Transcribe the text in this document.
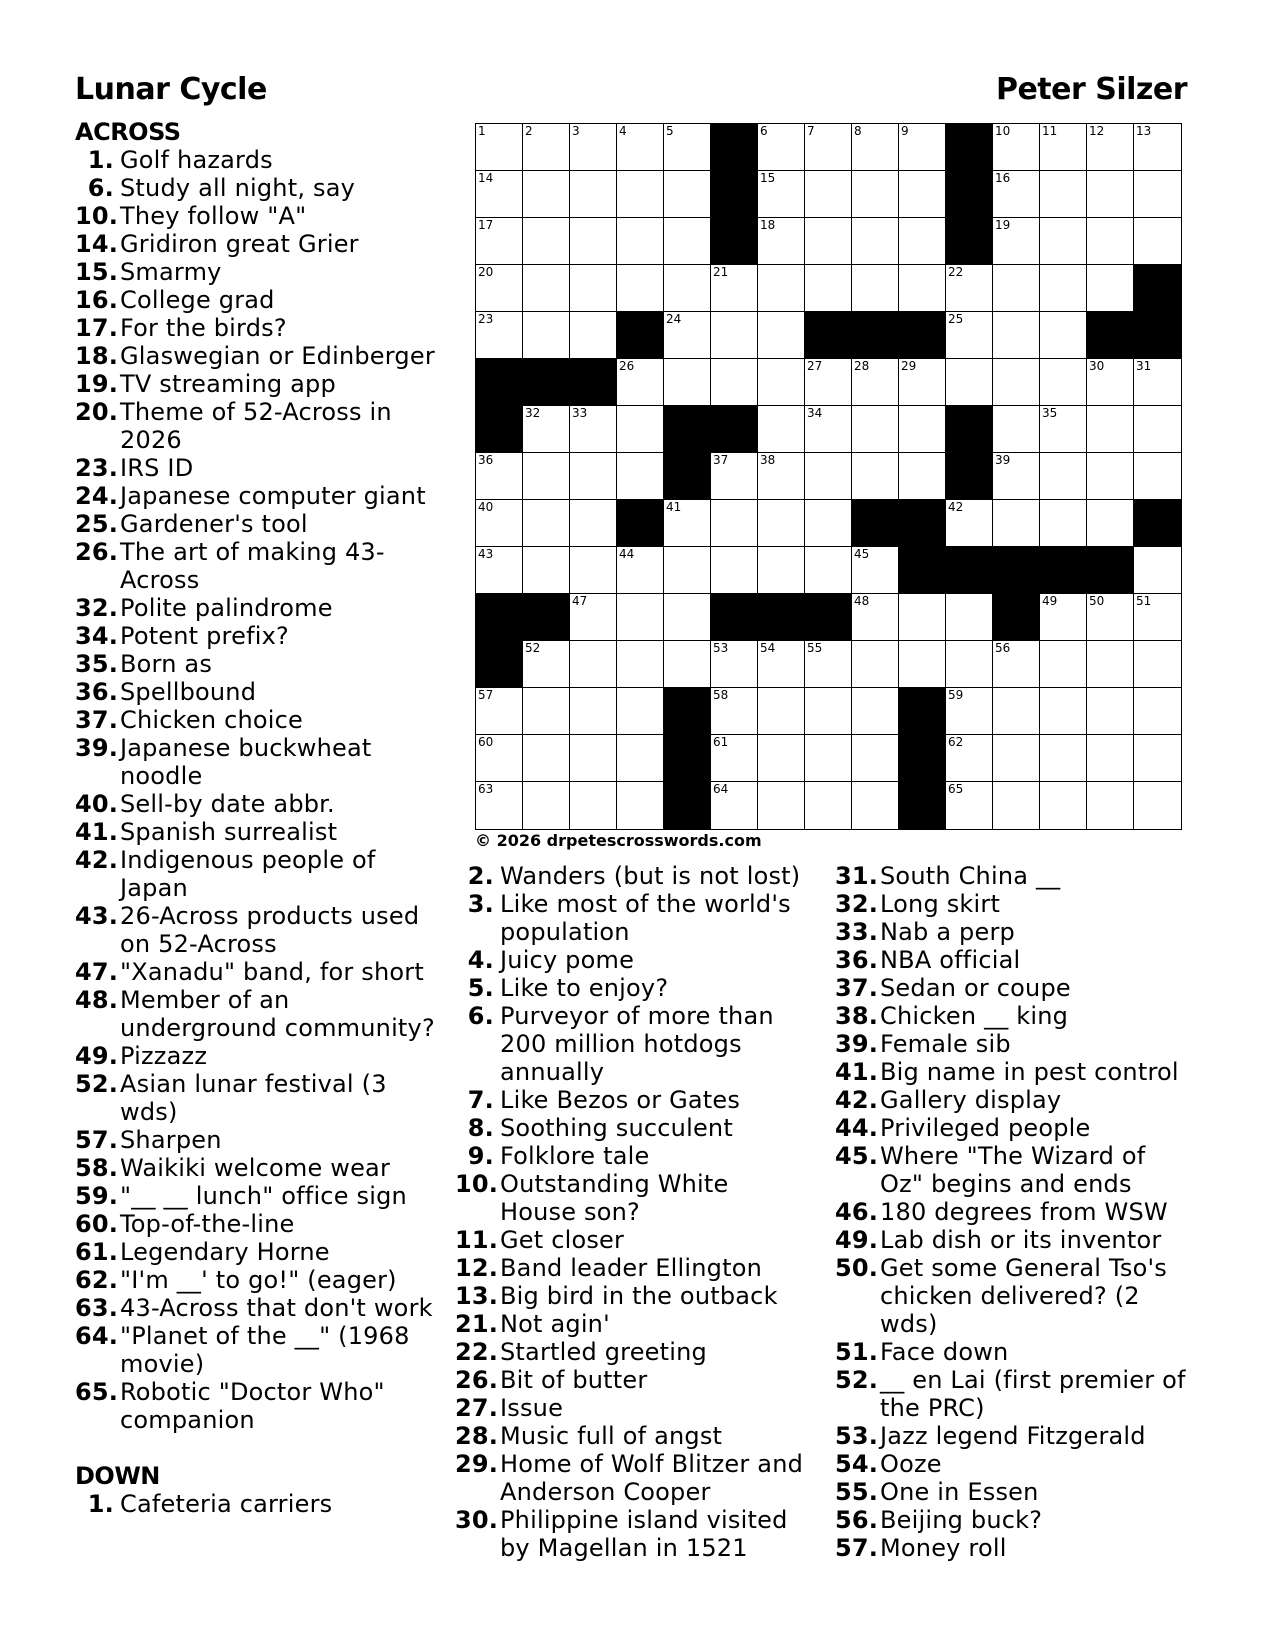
Lunar Cycle	Peter Silzer
ACROSS
1. Golf hazards
6. Study all night, say
10. They follow "A"
14. Gridiron great Grier
15. Smarmy
16. College grad
17. For the birds?
18. Glaswegian or Edinberger
19. TV streaming app
20. Theme of 52-Across in 2026
23. IRS ID
24. Japanese computer giant
25. Gardener's tool
26. The art of making 43-Across
32. Polite palindrome
34. Potent prefix?
35. Born as
36. Spellbound
37. Chicken choice
39. Japanese buckwheat noodle
40. Sell-by date abbr.
41. Spanish surrealist
42. Indigenous people of Japan
43. 26-Across products used on 52-Across
47. "Xanadu" band, for short
48. Member of an underground community?
49. Pizzazz
52. Asian lunar festival (3 wds)
57. Sharpen
58. Waikiki welcome wear
59. "__ __ lunch" office sign
60. Top-of-the-line
61. Legendary Horne
62. "I'm __' to go!" (eager)
63. 43-Across that don't work
64. "Planet of the __" (1968 movie)
65. Robotic "Doctor Who" companion
DOWN
1. Cafeteria carriers
1	2	3	4	5	6	7	8	9	10	11	12	13
14	15	16
17	18	19
20	21	22
23	24	25
26	27	28	29	30	31
32	33	34	35
36	37	38	39
40	41	42
43	44	45
47	48	49	50	51
52	53	54	55	56
57	58	59
60	61	62
63	64	65
© 2026 drpetescrosswords.com
2. Wanders (but is not lost)
3. Like most of the world's population
4. Juicy pome
5. Like to enjoy?
6. Purveyor of more than 200 million hotdogs annually
7. Like Bezos or Gates
8. Soothing succulent
9. Folklore tale
10. Outstanding White House son?
11. Get closer
12. Band leader Ellington
13. Big bird in the outback
21. Not agin'
22. Startled greeting
26. Bit of butter
27. Issue
28. Music full of angst
29. Home of Wolf Blitzer and Anderson Cooper
30. Philippine island visited by Magellan in 1521
31. South China __
32. Long skirt
33. Nab a perp
36. NBA official
37. Sedan or coupe
38. Chicken __ king
39. Female sib
41. Big name in pest control
42. Gallery display
44. Privileged people
45. Where "The Wizard of Oz" begins and ends
46. 180 degrees from WSW
49. Lab dish or its inventor
50. Get some General Tso's chicken delivered? (2 wds)
51. Face down
52. __ en Lai (first premier of the PRC)
53. Jazz legend Fitzgerald
54. Ooze
55. One in Essen
56. Beijing buck?
57. Money roll
